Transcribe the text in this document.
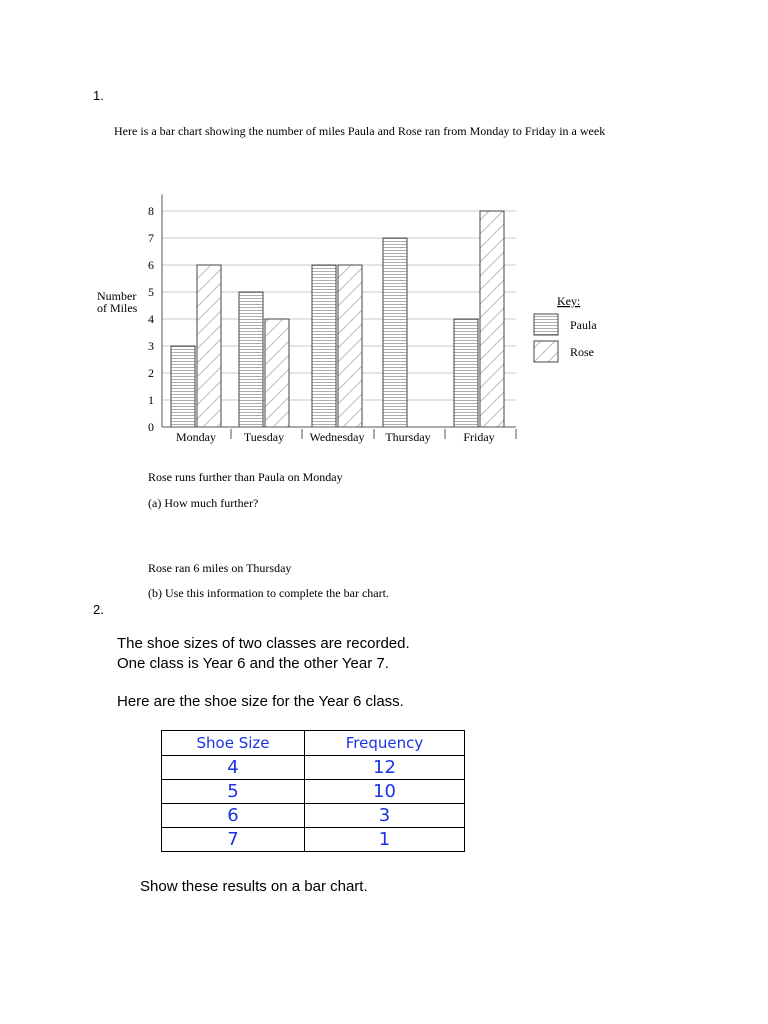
1.
Here is a bar chart showing the number of miles Paula and Rose ran from Monday to Friday in a week
0
1
2
3
4
5
6
7
8
Monday Tuesday Wednesday Thursday	Friday
Number
of Miles	Key:
Paula
Rose
Rose runs further than Paula on Monday
(a) How much further?
Rose ran 6 miles on Thursday
(b) Use this information to complete the bar chart.
2.
The shoe sizes of two classes are recorded.
One class is Year 6 and the other Year 7.
Here are the shoe size for the Year 6 class.
Shoe Size	Frequency
4	12
5	10
6	3
7	1
Show these results on a bar chart.
